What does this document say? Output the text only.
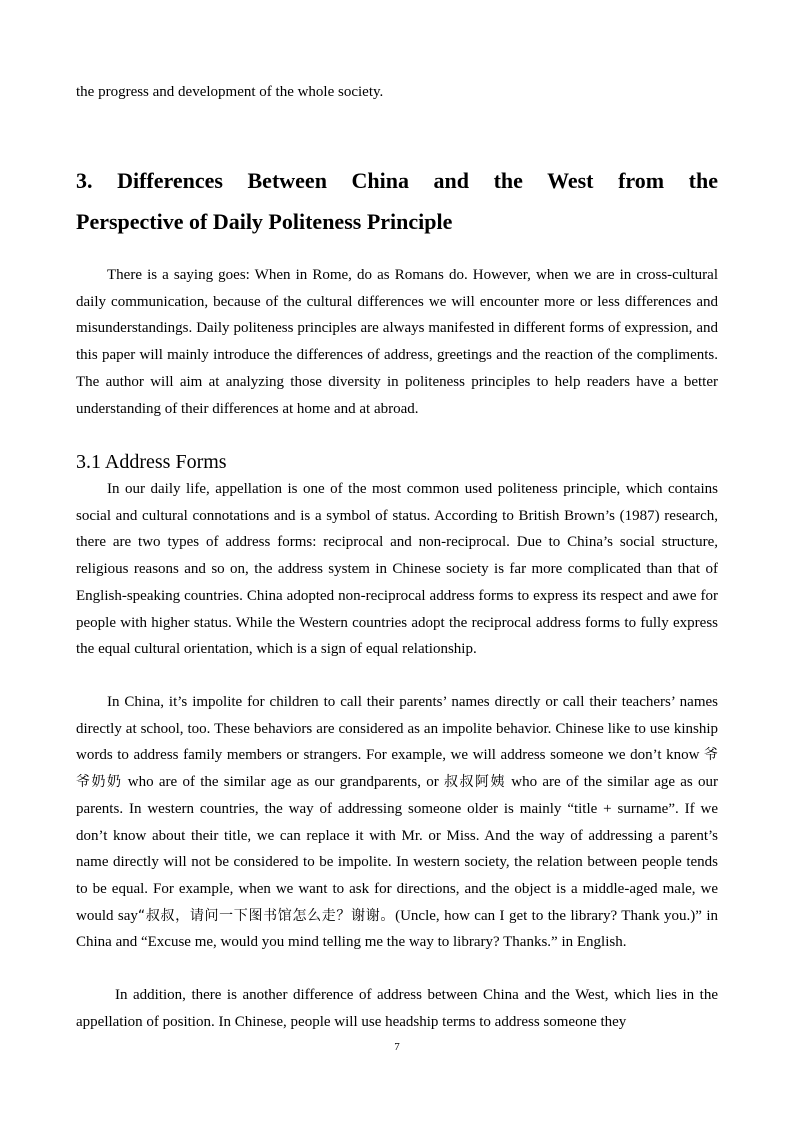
the progress and development of the whole society.
3. Differences Between China and the West from the
Perspective of Daily Politeness Principle

There is a saying goes: When in Rome, do as Romans do. However, when we are in cross-cultural daily communication, because of the cultural differences we will encounter more or less differences and misunderstandings. Daily politeness principles are always manifested in different forms of expression, and this paper will mainly introduce the differences of address, greetings and the reaction of the compliments. The author will aim at analyzing those diversity in politeness principles to help readers have a better understanding of their differences at home and at abroad.

3.1 Address Forms

In our daily life, appellation is one of the most common used politeness principle, which contains social and cultural connotations and is a symbol of status. According to British Brown’s (1987) research, there are two types of address forms: reciprocal and non-reciprocal. Due to China’s social structure, religious reasons and so on, the address system in Chinese society is far more complicated than that of English-speaking countries. China adopted non-reciprocal address forms to express its respect and awe for people with higher status. While the Western countries adopt the reciprocal address forms to fully express the equal cultural orientation, which is a sign of equal relationship.

In China, it’s impolite for children to call their parents’ names directly or call their teachers’ names directly at school, too. These behaviors are considered as an impolite behavior. Chinese like to use kinship words to address family members or strangers. For example, we will address someone we don’t know 爷爷奶奶 who are of the similar age as our grandparents, or 叔叔阿姨 who are of the similar age as our parents. In western countries, the way of addressing someone older is mainly “title + surname”. If we don’t know about their title, we can replace it with Mr. or Miss. And the way of addressing a parent’s name directly will not be considered to be impolite. In western society, the relation between people tends to be equal. For example, when we want to ask for directions, and the object is a middle-aged male, we would say“叔叔，请问一下图书馆怎么走？谢谢。(Uncle, how can I get to the library? Thank you.)” in China and “Excuse me, would you mind telling me the way to library? Thanks.” in English.

In addition, there is another difference of address between China and the West, which lies in the appellation of position. In Chinese, people will use headship terms to address someone they

7
